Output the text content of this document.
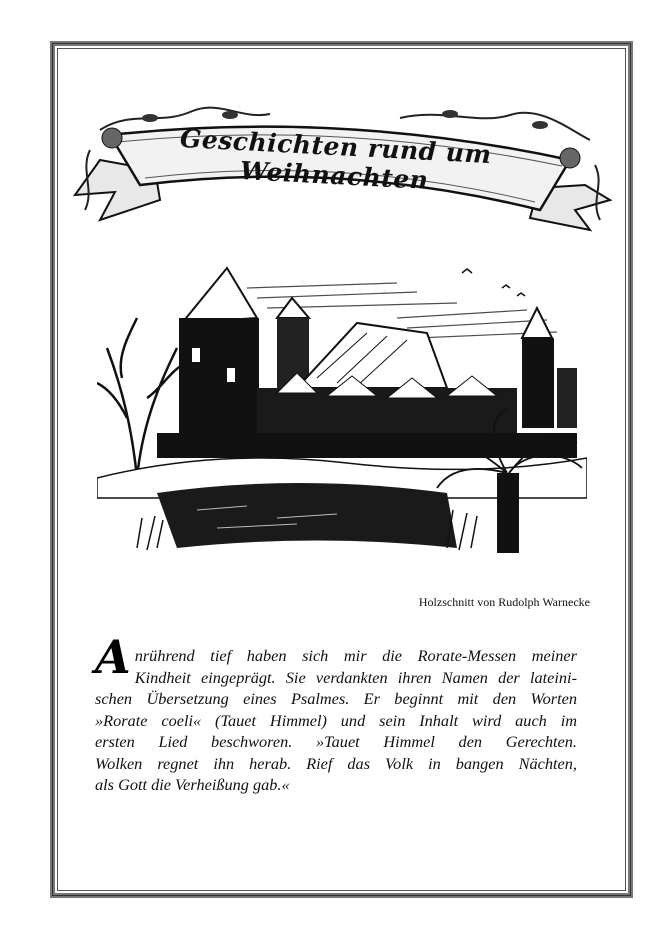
Geschichten rund um Weihnachten
Holzschnitt von Rudolph Warnecke
A nrührend tief haben sich mir die Rorate-Messen meiner
Kindheit eingeprägt. Sie verdankten ihren Namen der lateini-
schen Übersetzung eines Psalmes. Er beginnt mit den Worten
»Rorate coeli« (Tauet Himmel) und sein Inhalt wird auch im
ersten Lied beschworen. »Tauet Himmel den Gerechten.
Wolken regnet ihn herab. Rief das Volk in bangen Nächten,
als Gott die Verheißung gab.«
